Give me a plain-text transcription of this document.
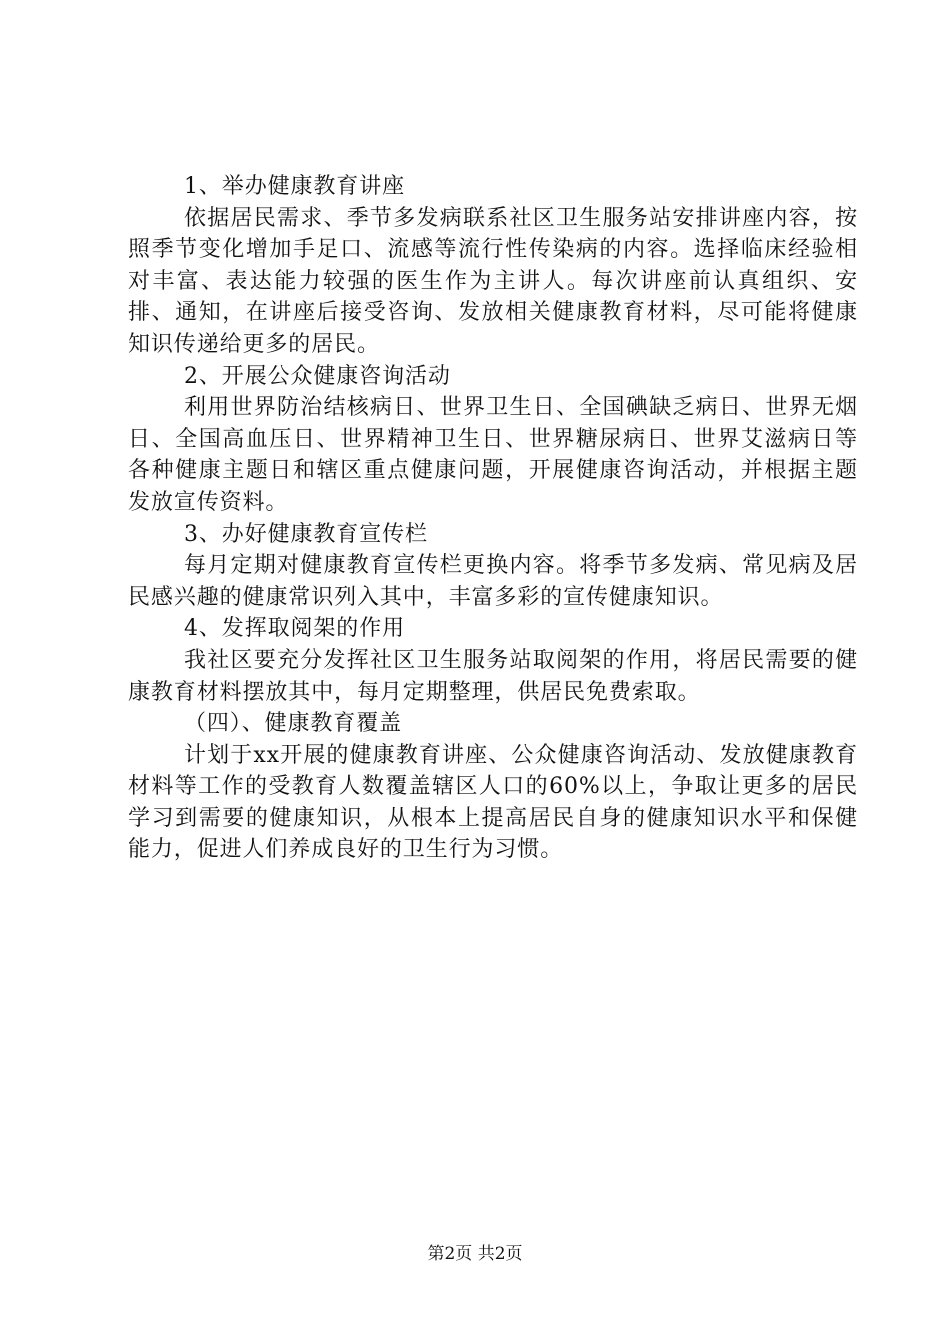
1、举办健康教育讲座

依据居民需求、季节多发病联系社区卫生服务站安排讲座内容，按照季节变化增加手足口、流感等流行性传染病的内容。选择临床经验相对丰富、表达能力较强的医生作为主讲人。每次讲座前认真组织、安排、通知，在讲座后接受咨询、发放相关健康教育材料，尽可能将健康知识传递给更多的居民。

2、开展公众健康咨询活动

利用世界防治结核病日、世界卫生日、全国碘缺乏病日、世界无烟日、全国高血压日、世界精神卫生日、世界糖尿病日、世界艾滋病日等各种健康主题日和辖区重点健康问题，开展健康咨询活动，并根据主题发放宣传资料。

3、办好健康教育宣传栏

每月定期对健康教育宣传栏更换内容。将季节多发病、常见病及居民感兴趣的健康常识列入其中，丰富多彩的宣传健康知识。

4、发挥取阅架的作用

我社区要充分发挥社区卫生服务站取阅架的作用，将居民需要的健康教育材料摆放其中，每月定期整理，供居民免费索取。

（四）、健康教育覆盖

计划于xx开展的健康教育讲座、公众健康咨询活动、发放健康教育材料等工作的受教育人数覆盖辖区人口的60%以上，争取让更多的居民学习到需要的健康知识，从根本上提高居民自身的健康知识水平和保健能力，促进人们养成良好的卫生行为习惯。

第2页 共2页
